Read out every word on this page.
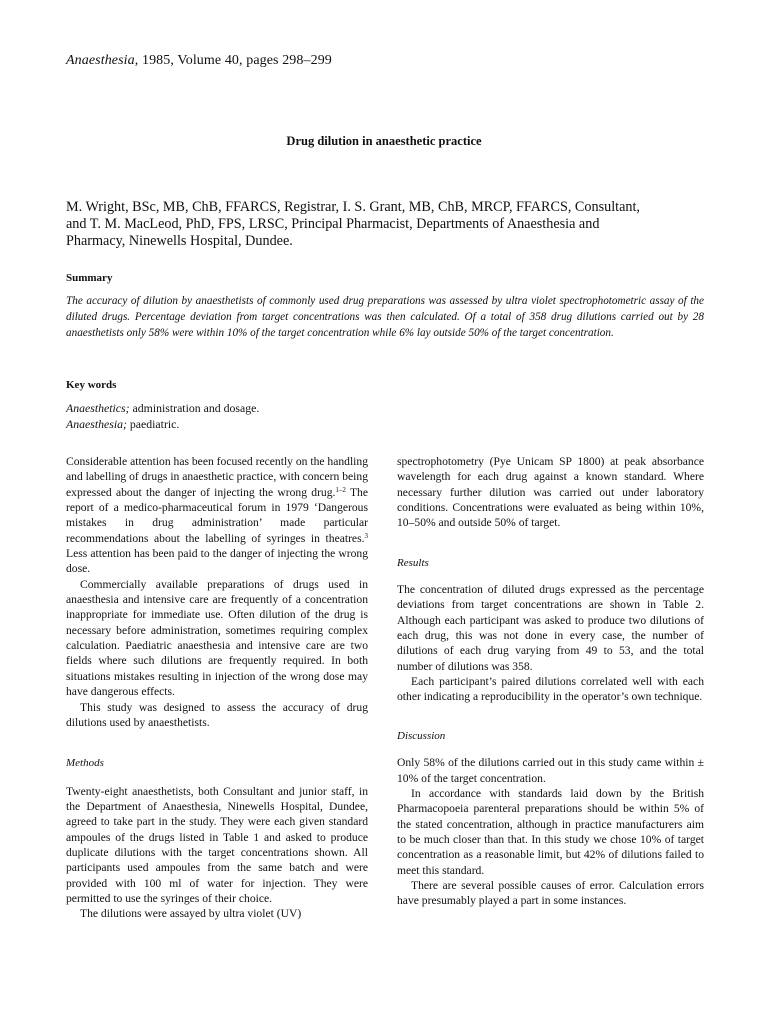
Anaesthesia, 1985, Volume 40, pages 298–299
Drug dilution in anaesthetic practice
M. Wright, BSc, MB, ChB, FFARCS, Registrar, I. S. Grant, MB, ChB, MRCP, FFARCS, Consultant,
and T. M. MacLeod, PhD, FPS, LRSC, Principal Pharmacist, Departments of Anaesthesia and
Pharmacy, Ninewells Hospital, Dundee.
Summary
The accuracy of dilution by anaesthetists of commonly used drug preparations was assessed by ultra violet spectrophotometric assay of the diluted drugs. Percentage deviation from target concentrations was then calculated. Of a total of 358 drug dilutions carried out by 28 anaesthetists only 58% were within 10% of the target concentration while 6% lay outside 50% of the target concentration.
Key words
Anaesthetics; administration and dosage.
Anaesthesia; paediatric.

Considerable attention has been focused recently on the handling and labelling of drugs in anaesthetic practice, with concern being expressed about the danger of injecting the wrong drug.$^{1-2}$ The report of a medico-pharmaceutical forum in 1979 ‘Dangerous mistakes in drug administration’ made particular recommendations about the labelling of syringes in theatres.$^3$ Less attention has been paid to the danger of injecting the wrong dose.

Commercially available preparations of drugs used in anaesthesia and intensive care are frequently of a concentration inappropriate for immediate use. Often dilution of the drug is necessary before administration, sometimes requiring complex calculation. Paediatric anaesthesia and intensive care are two fields where such dilutions are frequently required. In both situations mistakes resulting in injection of the wrong dose may have dangerous effects.

This study was designed to assess the accuracy of drug dilutions used by anaesthetists.

Methods

Twenty-eight anaesthetists, both Consultant and junior staff, in the Department of Anaesthesia, Ninewells Hospital, Dundee, agreed to take part in the study. They were each given standard ampoules of the drugs listed in Table 1 and asked to produce duplicate dilutions with the target concentrations shown. All participants used ampoules from the same batch and were provided with 100 ml of water for injection. They were permitted to use the syringes of their choice.

The dilutions were assayed by ultra violet (UV)

spectrophotometry (Pye Unicam SP 1800) at peak absorbance wavelength for each drug against a known standard. Where necessary further dilution was carried out under laboratory conditions. Concentrations were evaluated as being within 10%, 10–50% and outside 50% of target.

Results

The concentration of diluted drugs expressed as the percentage deviations from target concentrations are shown in Table 2. Although each participant was asked to produce two dilutions of each drug, this was not done in every case, the number of dilutions of each drug varying from 49 to 53, and the total number of dilutions was 358.

Each participant’s paired dilutions correlated well with each other indicating a reproducibility in the operator’s own technique.

Discussion

Only 58% of the dilutions carried out in this study came within ± 10% of the target concentration.

In accordance with standards laid down by the British Pharmacopoeia parenteral preparations should be within 5% of the stated concentration, although in practice manufacturers aim to be much closer than that. In this study we chose 10% of target concentration as a reasonable limit, but 42% of dilutions failed to meet this standard.

There are several possible causes of error. Calculation errors have presumably played a part in some instances.
